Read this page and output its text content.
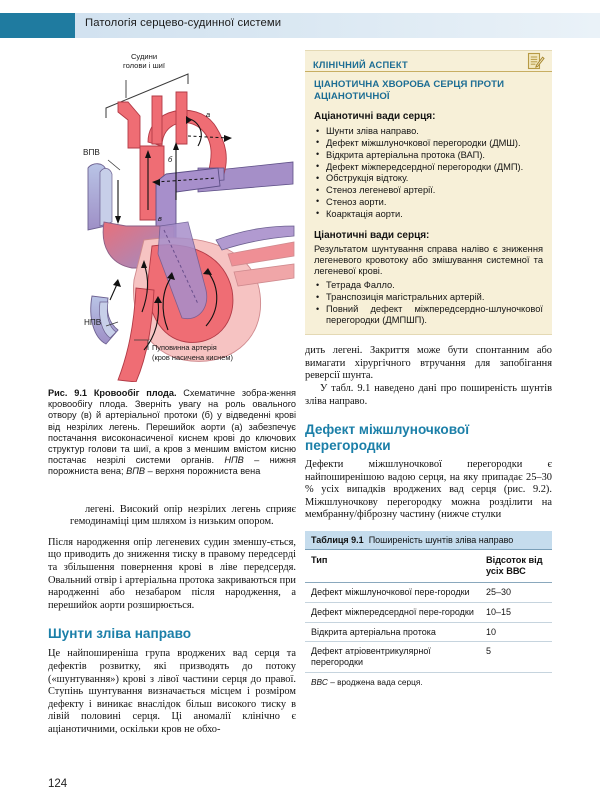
Патологія серцево-судинної системи
Судини
голови і шиї
ВПВ
НПВ
Пуповинна артерія
(кров насичена киснем)
а
б
в
Рис. 9.1 Кровообіг плода. Схематичне зобра-ження кровообігу плода. Зверніть увагу на роль овального отвору (в) й артеріальної протоки (б) у відведенні крові від незрілих легень. Перешийок аорти (а) забезпечує постачання високонасиченої киснем крові до ключових структур голови та шиї, а кров з меншим вмістом кисню постачає незрілі системи органів. НПВ – нижня порожниста вена; ВПВ – верхня порожниста вена

легені. Високий опір незрілих легень сприяє гемодинаміці цим шляхом із низьким опором.

Після народження опір легеневих судин зменшу-ється, що приводить до зниження тиску в правому передсерді та збільшення повернення крові в ліве передсердя. Овальний отвір і артеріальна протока закриваються при народженні або незабаром після народження, а перешийок аорти розширюється.

Шунти зліва направо

Це найпоширеніша група вроджених вад серця та дефектів розвитку, які призводять до потоку («шунтування») крові з лівої частини серця до правої. Ступінь шунтування визначається місцем і розміром дефекту і виникає внаслідок більш високого тиску в лівій половині серця. Ці аномалії клінічно є аціанотичними, оскільки кров не обхо-

КЛІНІЧНИЙ АСПЕКТ
ЦІАНОТИЧНА ХВОРОБА СЕРЦЯ ПРОТИ АЦІАНОТИЧНОЇ
Аціанотичні вади серця:
• Шунти зліва направо.
• Дефект міжшлуночкової перегородки (ДМШ).
• Відкрита артеріальна протока (ВАП).
• Дефект міжпередсердної перегородки (ДМП).
• Обструкція відтоку.
• Стеноз легеневої артерії.
• Стеноз аорти.
• Коарктація аорти.
Ціанотичні вади серця:
Результатом шунтування справа наліво є зниження легеневого кровотоку або змішування системної та легеневої крові.
• Тетрада Фалло.
• Транспозиція магістральних артерій.
• Повний дефект міжпередсердно-шлуночкової перегородки (ДМПШП).

дить легені. Закриття може бути спонтанним або вимагати хірургічного втручання для запобігання реверсії шунта.

У табл. 9.1 наведено дані про поширеність шунтів зліва направо.

Дефект міжшлуночкової
перегородки

Дефекти міжшлуночкової перегородки є найпоширенішою вадою серця, на яку припадає 25–30 % усіх випадків вроджених вад серця (рис. 9.2). Міжшлуночкову перегородку можна розділити на мембранну/фіброзну частину (нижче стулки

Таблиця 9.1 Поширеність шунтів зліва направо	
Тип	Відсоток від усіх ВВС
Дефект міжшлуночкової пере-городки	25–30
Дефект міжпередсердної пере-городки	10–15
Відкрита артеріальна протока	10
Дефект атріовентрикулярної перегородки	5
ВВС – вроджена вада серця.	
124
